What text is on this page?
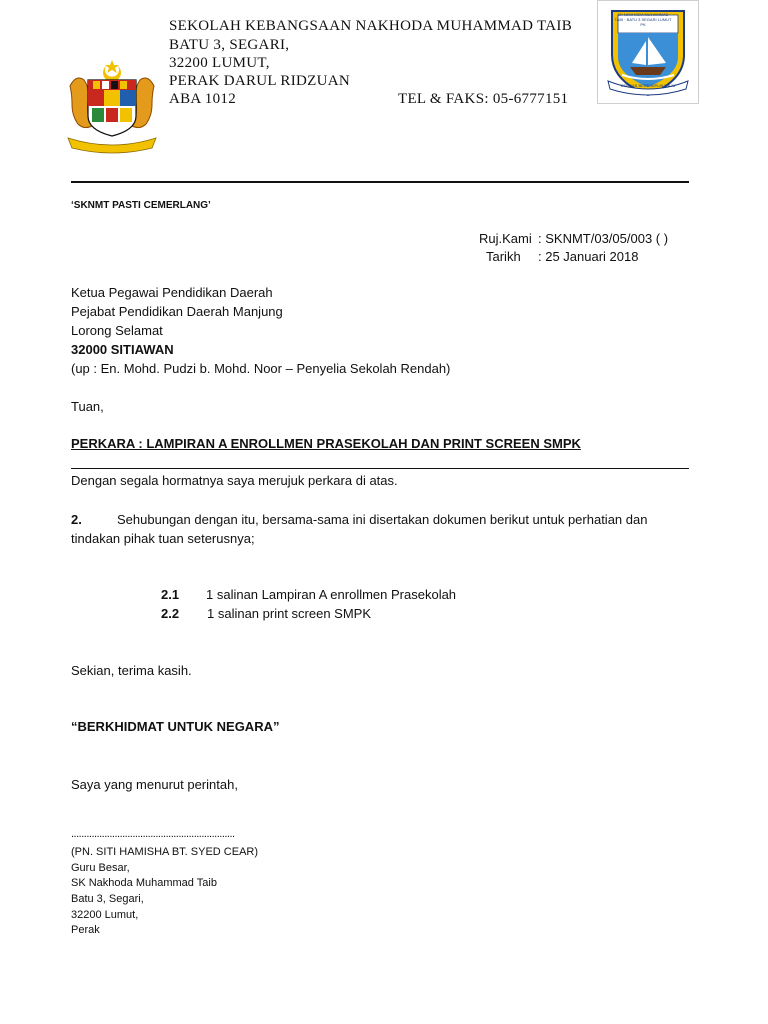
SEKOLAH KEBANGSAAN NAKHODA MUHAMMAD TAIB
BATU 3, SEGARI,
32200 LUMUT,
PERAK DARUL RIDZUAN
ABA 1012	TEL & FAKS: 05-6777151
SK NAKHODA MUHAMMAD TAIB · BATU 3 SEGARI LUMUT PK
CERDAS BERDISIPLIN MAJU
‘SKNMT PASTI CEMERLANG’
Ruj.Kami : SKNMT/03/05/003 ( )
Tarikh : 25 Januari 2018
Ketua Pegawai Pendidikan Daerah
Pejabat Pendidikan Daerah Manjung
Lorong Selamat
32000 SITIAWAN
(up : En. Mohd. Pudzi b. Mohd. Noor – Penyelia Sekolah Rendah)
Tuan,
PERKARA : LAMPIRAN A ENROLLMEN PRASEKOLAH DAN PRINT SCREEN SMPK
Dengan segala hormatnya saya merujuk perkara di atas.
2.	Sehubungan dengan itu, bersama-sama ini disertakan dokumen berikut untuk perhatian dan
tindakan pihak tuan seterusnya;
2.1 1 salinan Lampiran A enrollmen Prasekolah
2.2 1 salinan print screen SMPK
Sekian, terima kasih.
“BERKHIDMAT UNTUK NEGARA”
Saya yang menurut perintah,
................................................................
(PN. SITI HAMISHA BT. SYED CEAR)
Guru Besar,
SK Nakhoda Muhammad Taib
Batu 3, Segari,
32200 Lumut,
Perak
